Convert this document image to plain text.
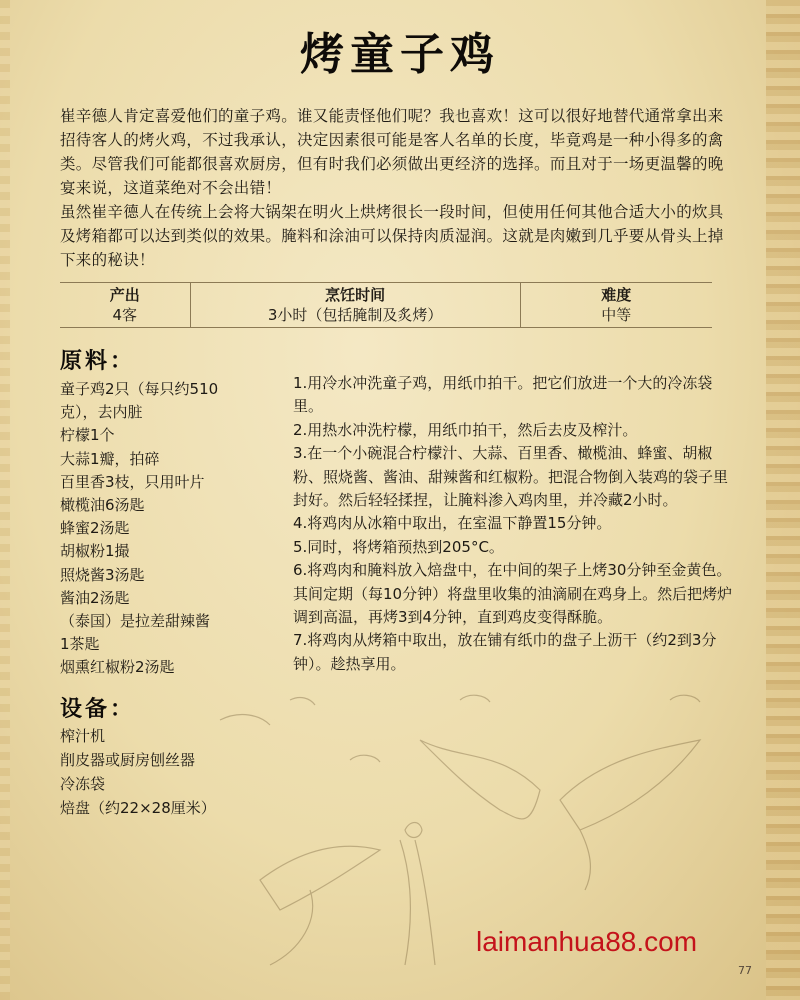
烤童子鸡

崔辛德人肯定喜爱他们的童子鸡。谁又能责怪他们呢？我也喜欢！这可以很好地替代通常拿出来招待客人的烤火鸡，不过我承认，决定因素很可能是客人名单的长度，毕竟鸡是一种小得多的禽类。尽管我们可能都很喜欢厨房，但有时我们必须做出更经济的选择。而且对于一场更温馨的晚宴来说，这道菜绝对不会出错！

虽然崔辛德人在传统上会将大锅架在明火上烘烤很长一段时间，但使用任何其他合适大小的炊具及烤箱都可以达到类似的效果。腌料和涂油可以保持肉质湿润。这就是肉嫩到几乎要从骨头上掉下来的秘诀！

产出
4客
烹饪时间
3小时（包括腌制及炙烤）
难度
中等
原料：
童子鸡2只（每只约510
克），去内脏
柠檬1个
大蒜1瓣，拍碎
百里香3枝，只用叶片
橄榄油6汤匙
蜂蜜2汤匙
胡椒粉1撮
照烧酱3汤匙
酱油2汤匙
（泰国）是拉差甜辣酱
1茶匙
烟熏红椒粉2汤匙
设备：
榨汁机
削皮器或厨房刨丝器
冷冻袋
焙盘（约22×28厘米）
1.用冷水冲洗童子鸡，用纸巾拍干。把它们放进一个大的冷冻袋里。
2.用热水冲洗柠檬，用纸巾拍干，然后去皮及榨汁。
3.在一个小碗混合柠檬汁、大蒜、百里香、橄榄油、蜂蜜、胡椒粉、照烧酱、酱油、甜辣酱和红椒粉。把混合物倒入装鸡的袋子里封好。然后轻轻揉捏，让腌料渗入鸡肉里，并冷藏2小时。
4.将鸡肉从冰箱中取出，在室温下静置15分钟。
5.同时，将烤箱预热到205°C。
6.将鸡肉和腌料放入焙盘中，在中间的架子上烤30分钟至金黄色。其间定期（每10分钟）将盘里收集的油滴刷在鸡身上。然后把烤炉调到高温，再烤3到4分钟，直到鸡皮变得酥脆。
7.将鸡肉从烤箱中取出，放在铺有纸巾的盘子上沥干（约2到3分钟）。趁热享用。
laimanhua88.com
77
